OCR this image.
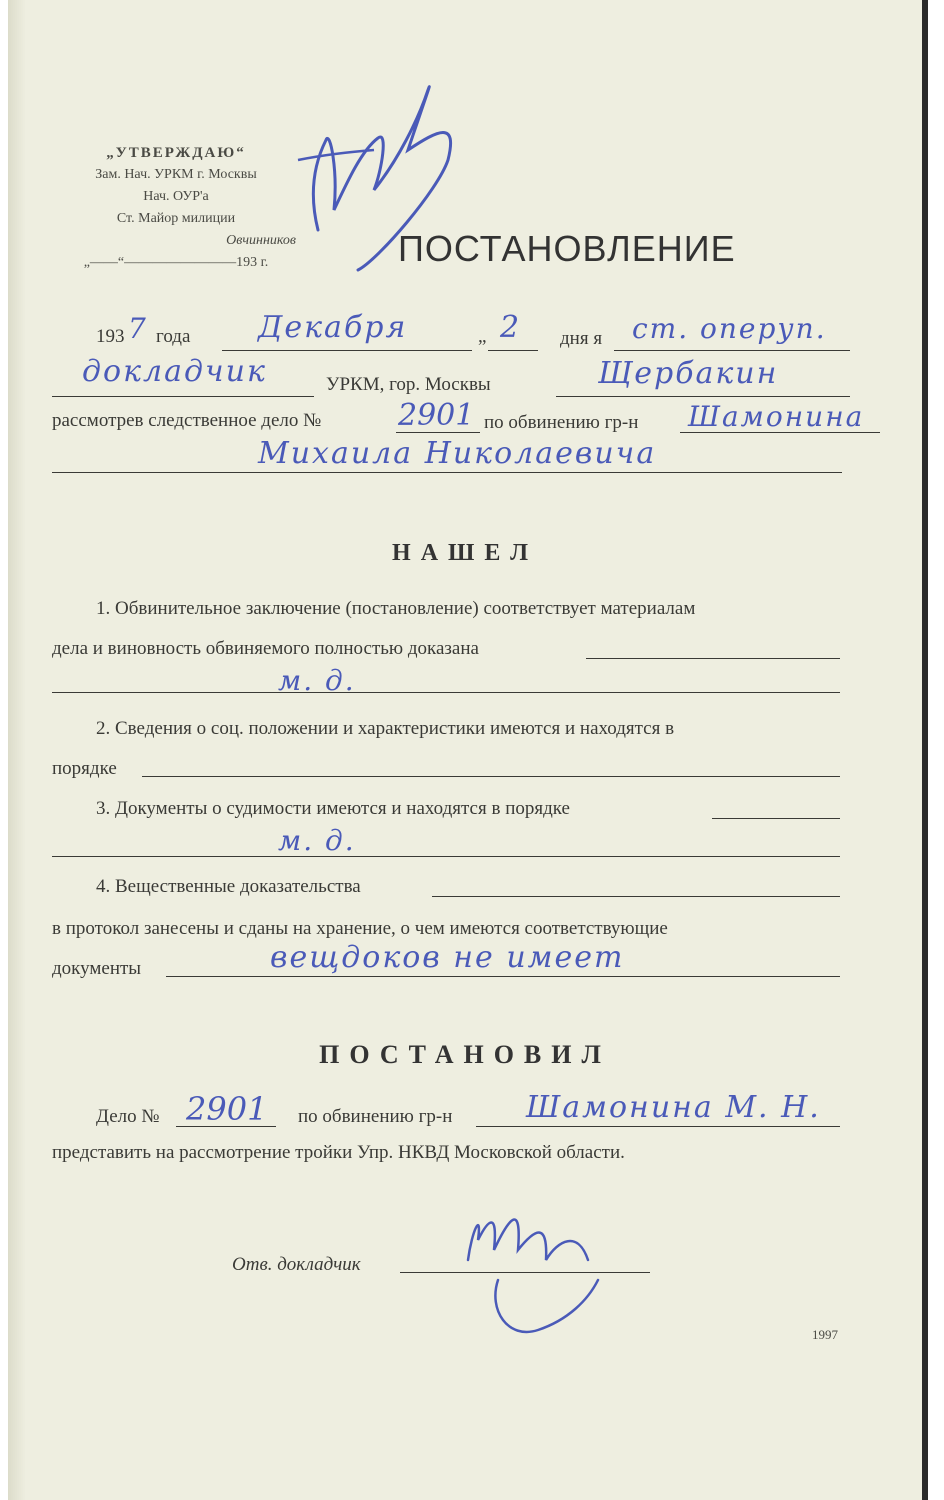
„УТВЕРЖДАЮ“
Зам. Нач. УРКМ г. Москвы
Нач. ОУР'а
Ст. Майор милиции
Овчинников
„——“————————193 г.	ПОСТАНОВЛЕНИЕ
193 7 года Декабря	„ 2 дня я ст. оперуп.
докладчик	УРКМ, гор. Москвы	Щербакин
рассмотрев следственное дело №	2901 по обвинению гр-н Шамонина
Михаила Николаевича
НАШЕЛ
1. Обвинительное заключение (постановление) соответствует материалам
дела и виновность обвиняемого полностью доказана
м. д.
2. Сведения о соц. положении и характеристики имеются и находятся в
порядке
3. Документы о судимости имеются и находятся в порядке
м. д.
4. Вещественные доказательства
в протокол занесены и сданы на хранение, о чем имеются соответствующие
документы	вещдоков не имеет
ПОСТАНОВИЛ
Дело № 2901 по обвинению гр-н Шамонина М. Н.
представить на рассмотрение тройки Упр. НКВД Московской области.
Отв. докладчик
1997
